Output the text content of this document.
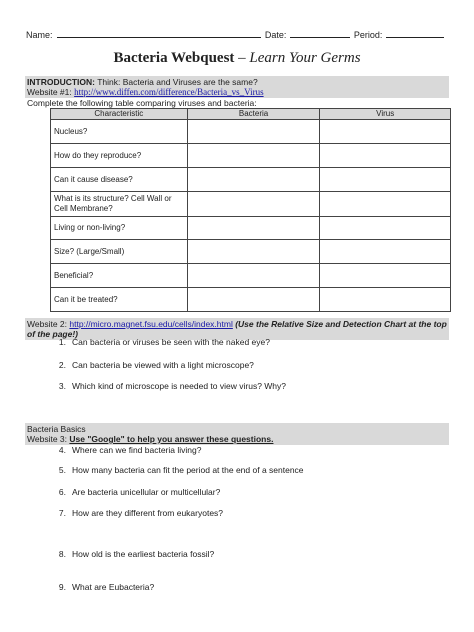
Name:	Date:	Period:
Bacteria Webquest – Learn Your Germs
INTRODUCTION: Think: Bacteria and Viruses are the same?
Website #1: http://www.diffen.com/difference/Bacteria_vs_Virus
Complete the following table comparing viruses and bacteria:
Characteristic	Bacteria	Virus
Nucleus?		
How do they reproduce?		
Can it cause disease?		
What is its structure? Cell Wall or Cell Membrane?		
Living or non-living?		
Size? (Large/Small)		
Beneficial?		
Can it be treated?		
Website 2: http://micro.magnet.fsu.edu/cells/index.html (Use the Relative Size and Detection Chart at the top of the page!)
1. Can bacteria or viruses be seen with the naked eye?
2. Can bacteria be viewed with a light microscope?
3. Which kind of microscope is needed to view virus? Why?
Bacteria Basics
Website 3: Use "Google" to help you answer these questions.
4. Where can we find bacteria living?
5. How many bacteria can fit the period at the end of a sentence
6. Are bacteria unicellular or multicellular?
7. How are they different from eukaryotes?
8. How old is the earliest bacteria fossil?
9. What are Eubacteria?
